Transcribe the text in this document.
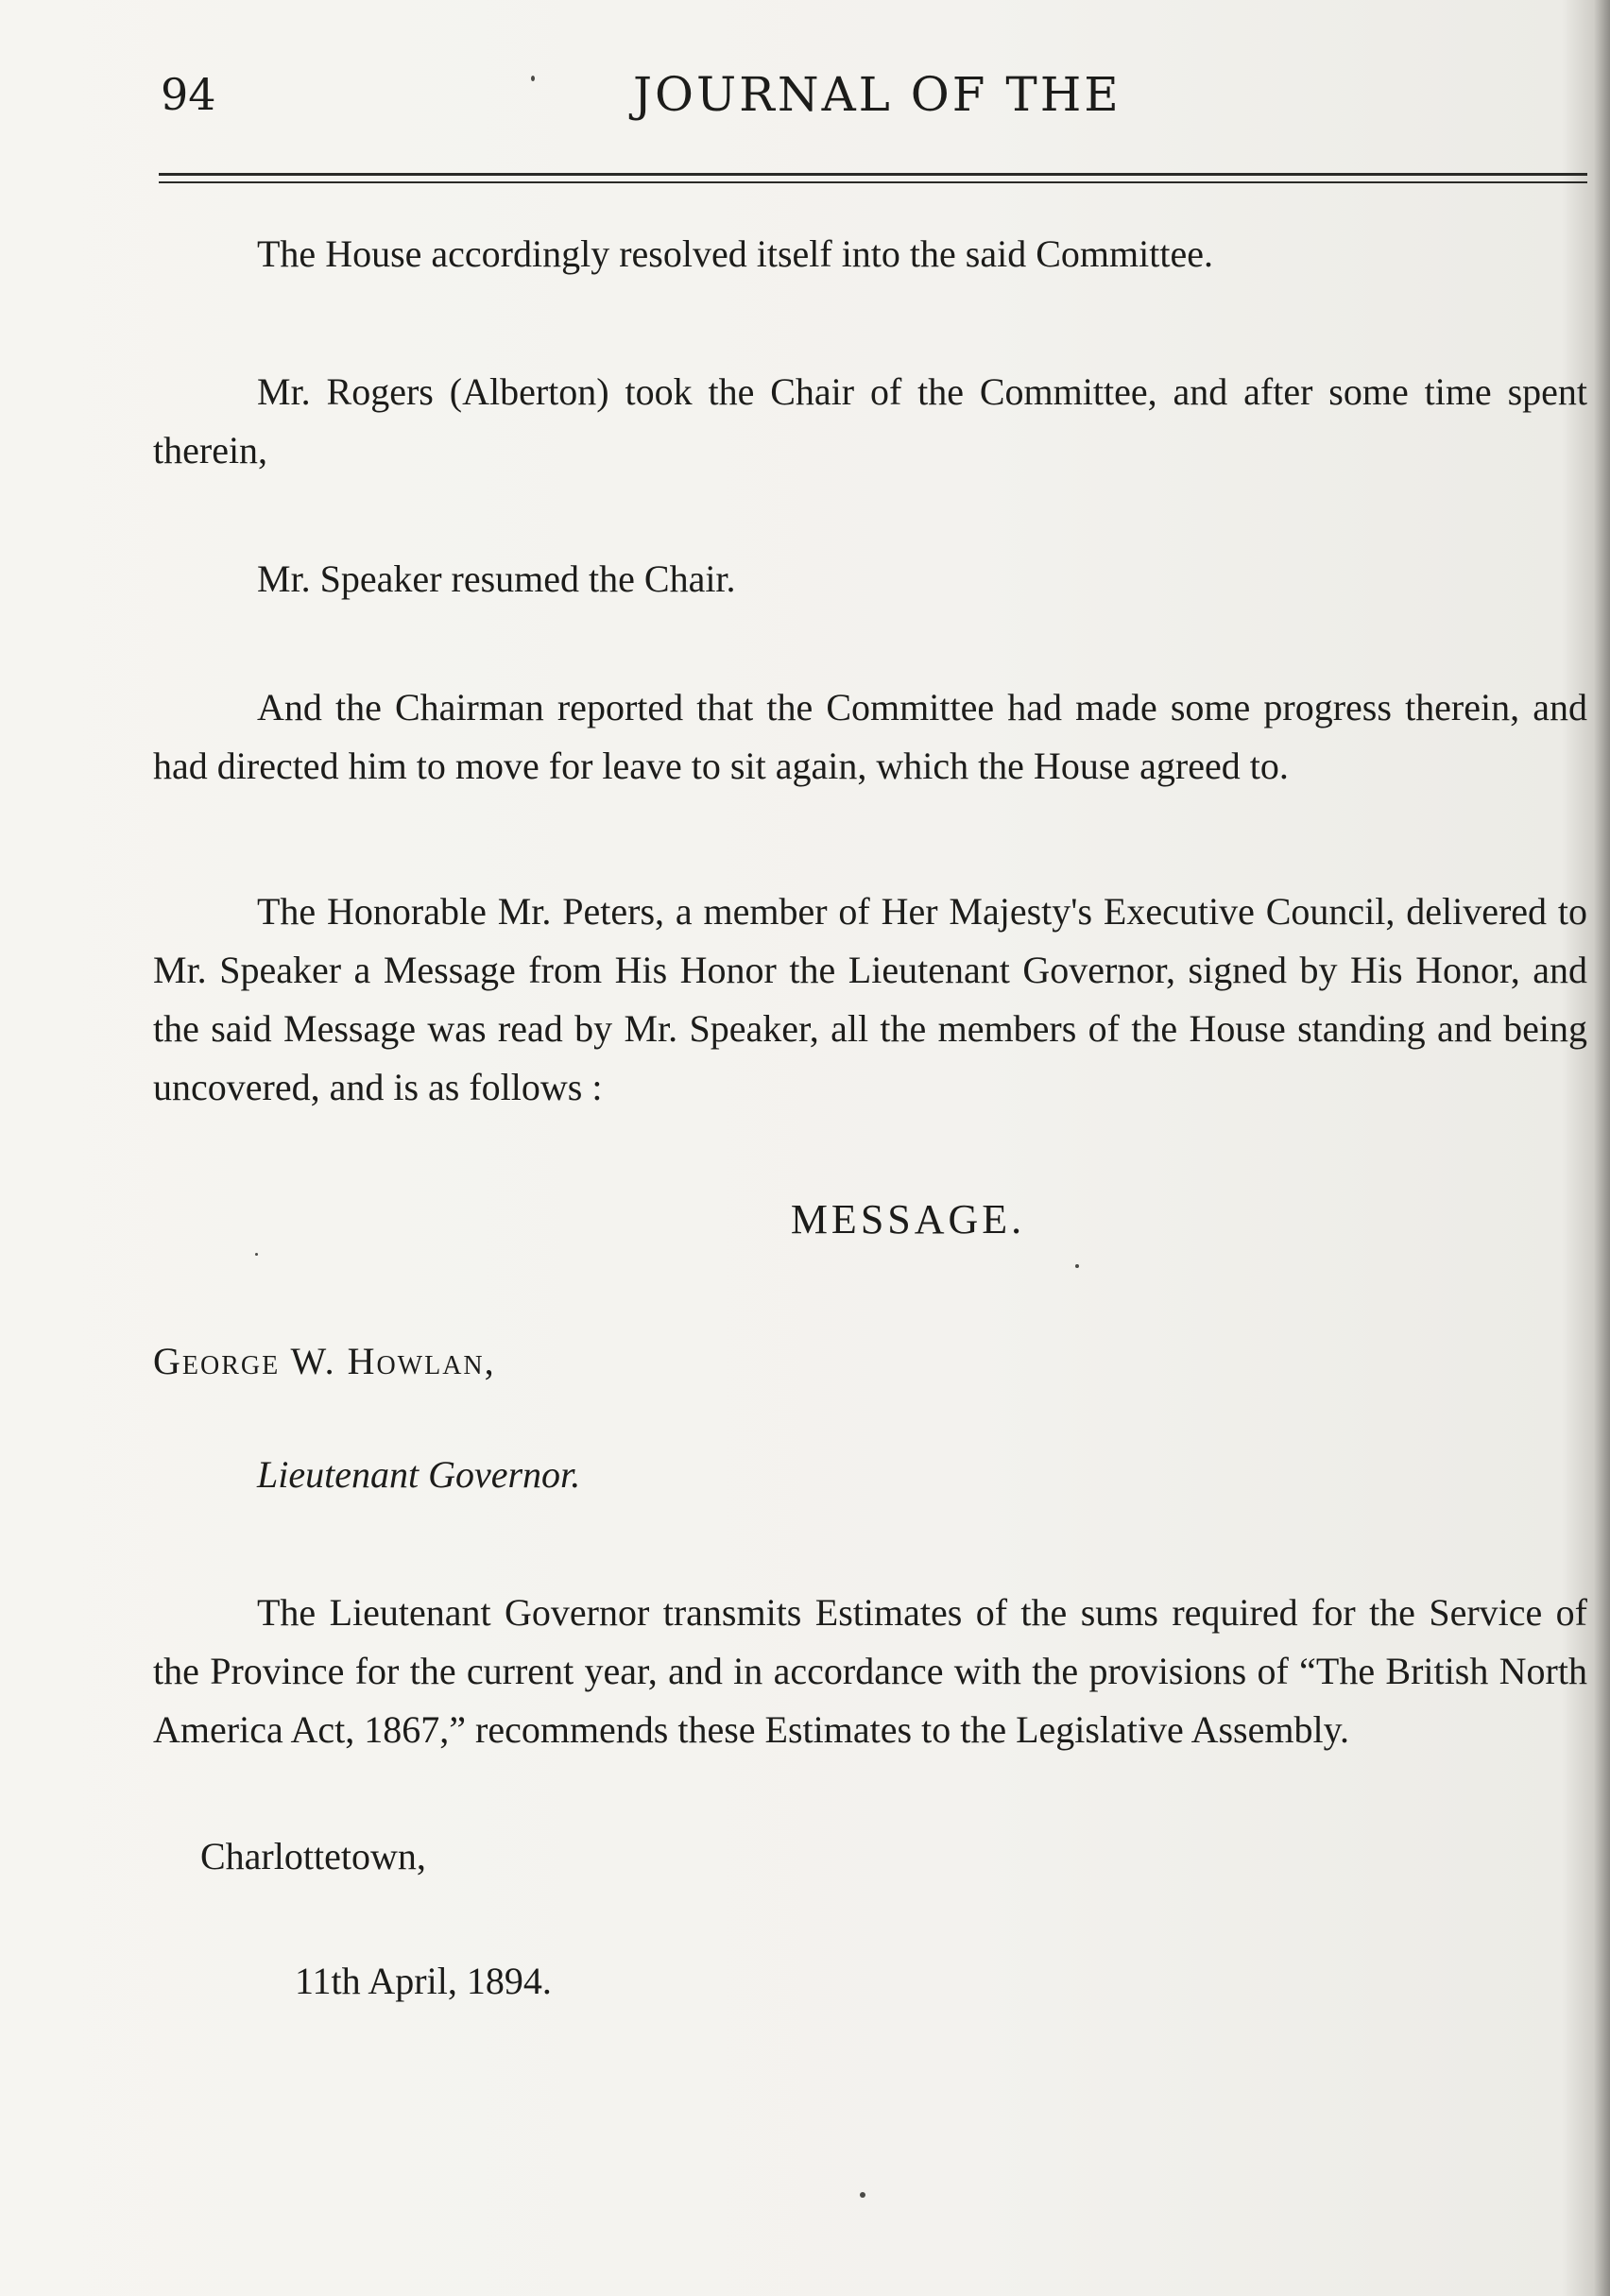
94	JOURNAL OF THE

The House accordingly resolved itself into the said Committee.

Mr. Rogers (Alberton) took the Chair of the Committee, and after some time spent therein,

Mr. Speaker resumed the Chair.

And the Chairman reported that the Committee had made some progress therein, and had directed him to move for leave to sit again, which the House agreed to.

The Honorable Mr. Peters, a member of Her Majesty's Executive Council, delivered to Mr. Speaker a Message from His Honor the Lieutenant Governor, signed by His Honor, and the said Message was read by Mr. Speaker, all the members of the House standing and being uncovered, and is as follows :

MESSAGE.

George W. Howlan,

Lieutenant Governor.

The Lieutenant Governor transmits Estimates of the sums required for the Service of the Province for the current year, and in accordance with the provisions of “The British North America Act, 1867,” recommends these Estimates to the Legislative Assembly.

Charlottetown,

11th April, 1894.
